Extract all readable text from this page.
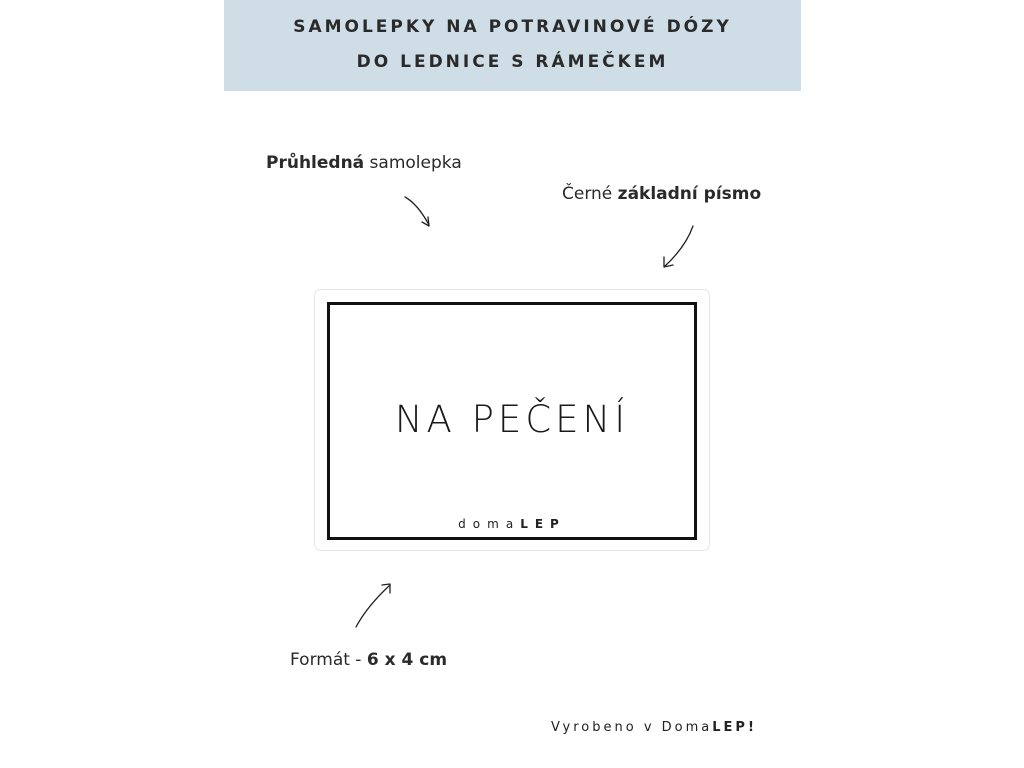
SAMOLEPKY NA POTRAVINOVÉ DÓZY
DO LEDNICE S RÁMEČKEM
Průhledná samolepka
Černé základní písmo
NA PEČENÍ
domaLEP
Formát - 6 x 4 cm
Vyrobeno v DomaLEP!
